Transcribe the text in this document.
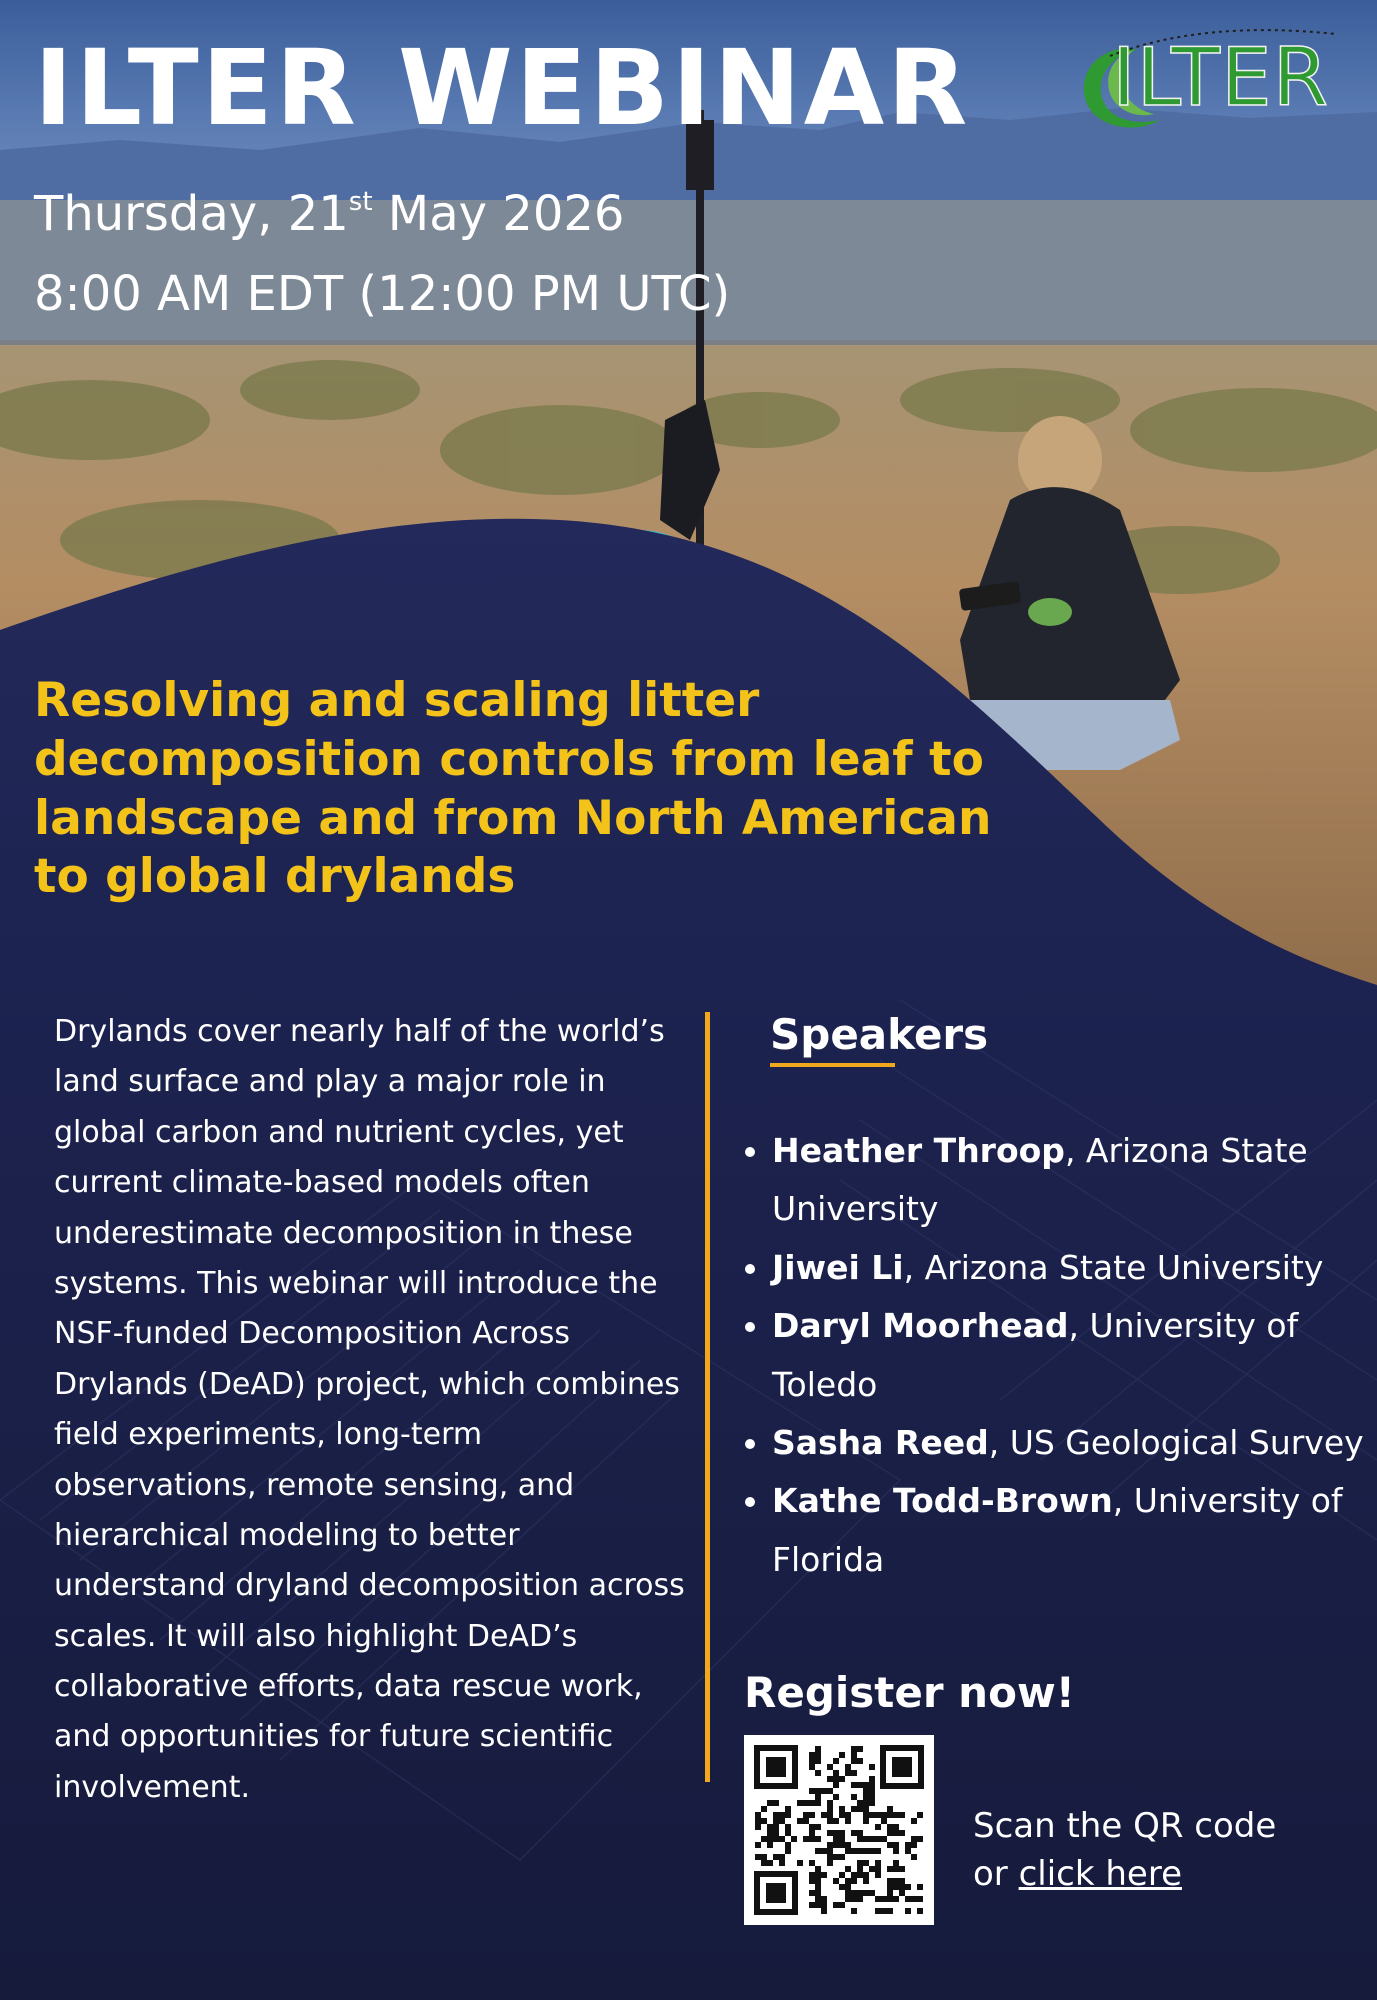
ILTER WEBINAR ILTER
Thursday, 21st May 2026
8:00 AM EDT (12:00 PM UTC)
Resolving and scaling litter decomposition controls from leaf to landscape and from North American to global drylands

Drylands cover nearly half of the world’s land surface and play a major role in global carbon and nutrient cycles, yet current climate-based models often underestimate decomposition in these systems. This webinar will introduce the NSF-funded Decomposition Across Drylands (DeAD) project, which combines field experiments, long-term observations, remote sensing, and hierarchical modeling to better understand dryland decomposition across scales. It will also highlight DeAD’s collaborative efforts, data rescue work, and opportunities for future scientific involvement.

Speakers
• Heather Throop, Arizona State University
• Jiwei Li, Arizona State University
• Daryl Moorhead, University of Toledo
• Sasha Reed, US Geological Survey
• Kathe Todd-Brown, University of Florida
Register now!
Scan the QR code
or click here
